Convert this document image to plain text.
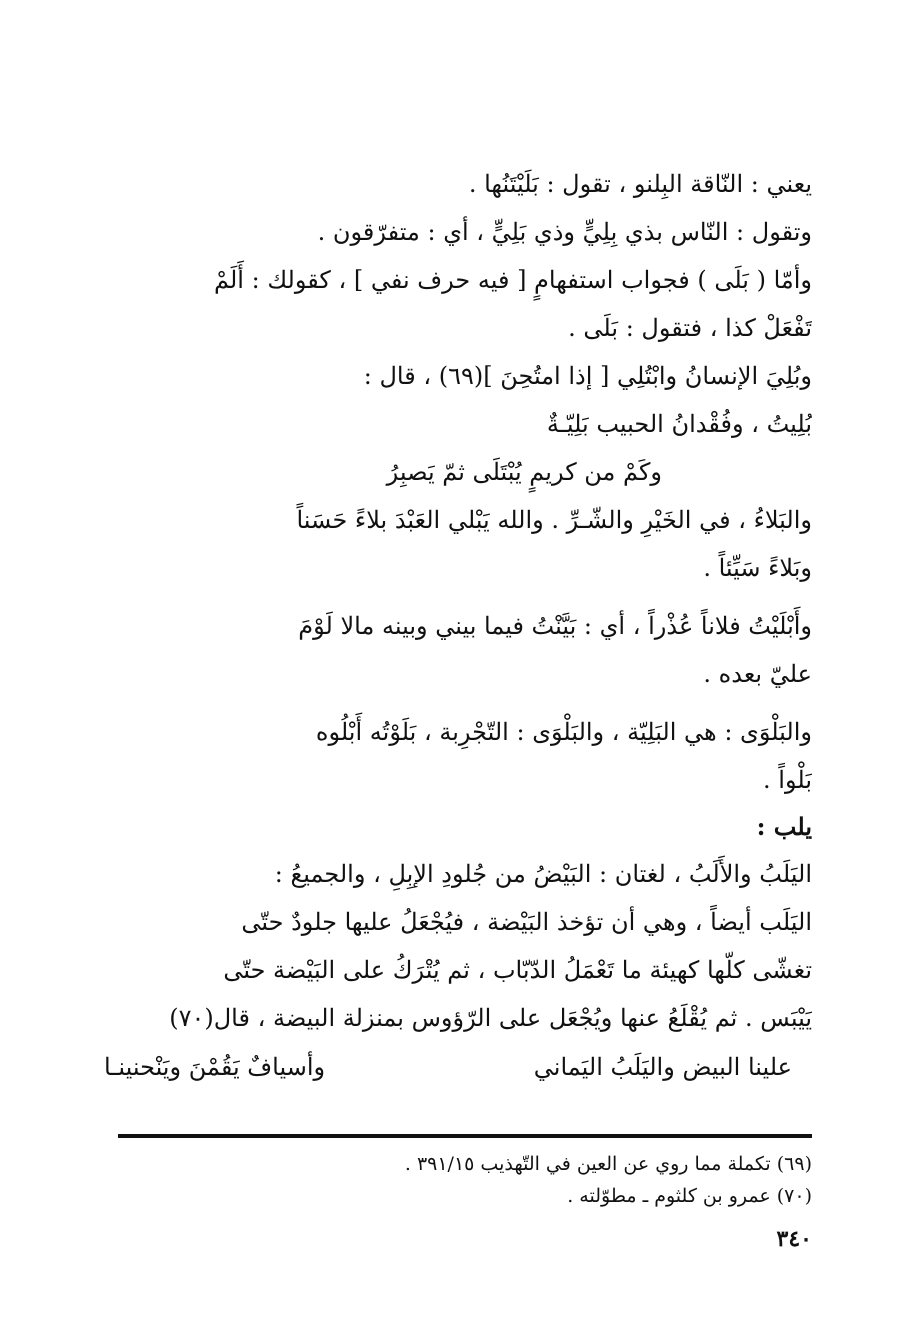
يعني : النّاقة البِلنو ، تقول : بَلَيْتَنُها .
وتقول : النّاس بذي بِلِيٍّ وذي بَلِيٍّ ، أي : متفرّقون .
وأمّا ( بَلَى ) فجواب استفهامٍ [ فيه حرف نفي ] ، كقولك : أَلَمْ
تَفْعَلْ كذا ، فتقول : بَلَى .
وبُلِيَ الإنسانُ وابْتُلِي [ إذا امتُحِنَ ](٦٩) ، قال :
بُلِيتُ ، وفُقْدانُ الحبيب بَلِيّـةٌ
وكَمْ من كريمٍ يُبْتَلَى ثمّ يَصبِرُ
والبَلاءُ ، في الخَيْرِ والشّـرِّ . والله يَبْلي العَبْدَ بلاءً حَسَناً
وبَلاءً سَيِّئاً .
وأَبْلَيْتُ فلاناً عُذْراً ، أي : بَيَّنْتُ فيما بيني وبينه مالا لَوْمَ
عليّ بعده .
والبَلْوَى : هي البَلِيّة ، والبَلْوَى : التّجْرِبة ، بَلَوْتُه أَبْلُوه
بَلْواً .
يلب :
اليَلَبُ والأَلَبُ ، لغتان : البَيْضُ من جُلودِ الإبِلِ ، والجميعُ :
اليَلَب أيضاً ، وهي أن تؤخذ البَيْضة ، فيُجْعَلُ عليها جلودٌ حتّى
تغشّى كلّها كهيئة ما تَعْمَلُ الدّبّاب ، ثم يُتْرَكُ على البَيْضة حتّى
يَيْبَس . ثم يُقْلَعُ عنها ويُجْعَل على الرّؤوس بمنزلة البيضة ، قال(٧٠)
علينا البيض واليَلَبُ اليَماني
وأسيافٌ يَقُمْنَ ويَنْحنينـا
(٦٩) تكملة مما روي عن العين في التّهذيب ٣٩١/١٥ .
(٧٠) عمرو بن كلثوم ـ مطوّلته .
٣٤٠
